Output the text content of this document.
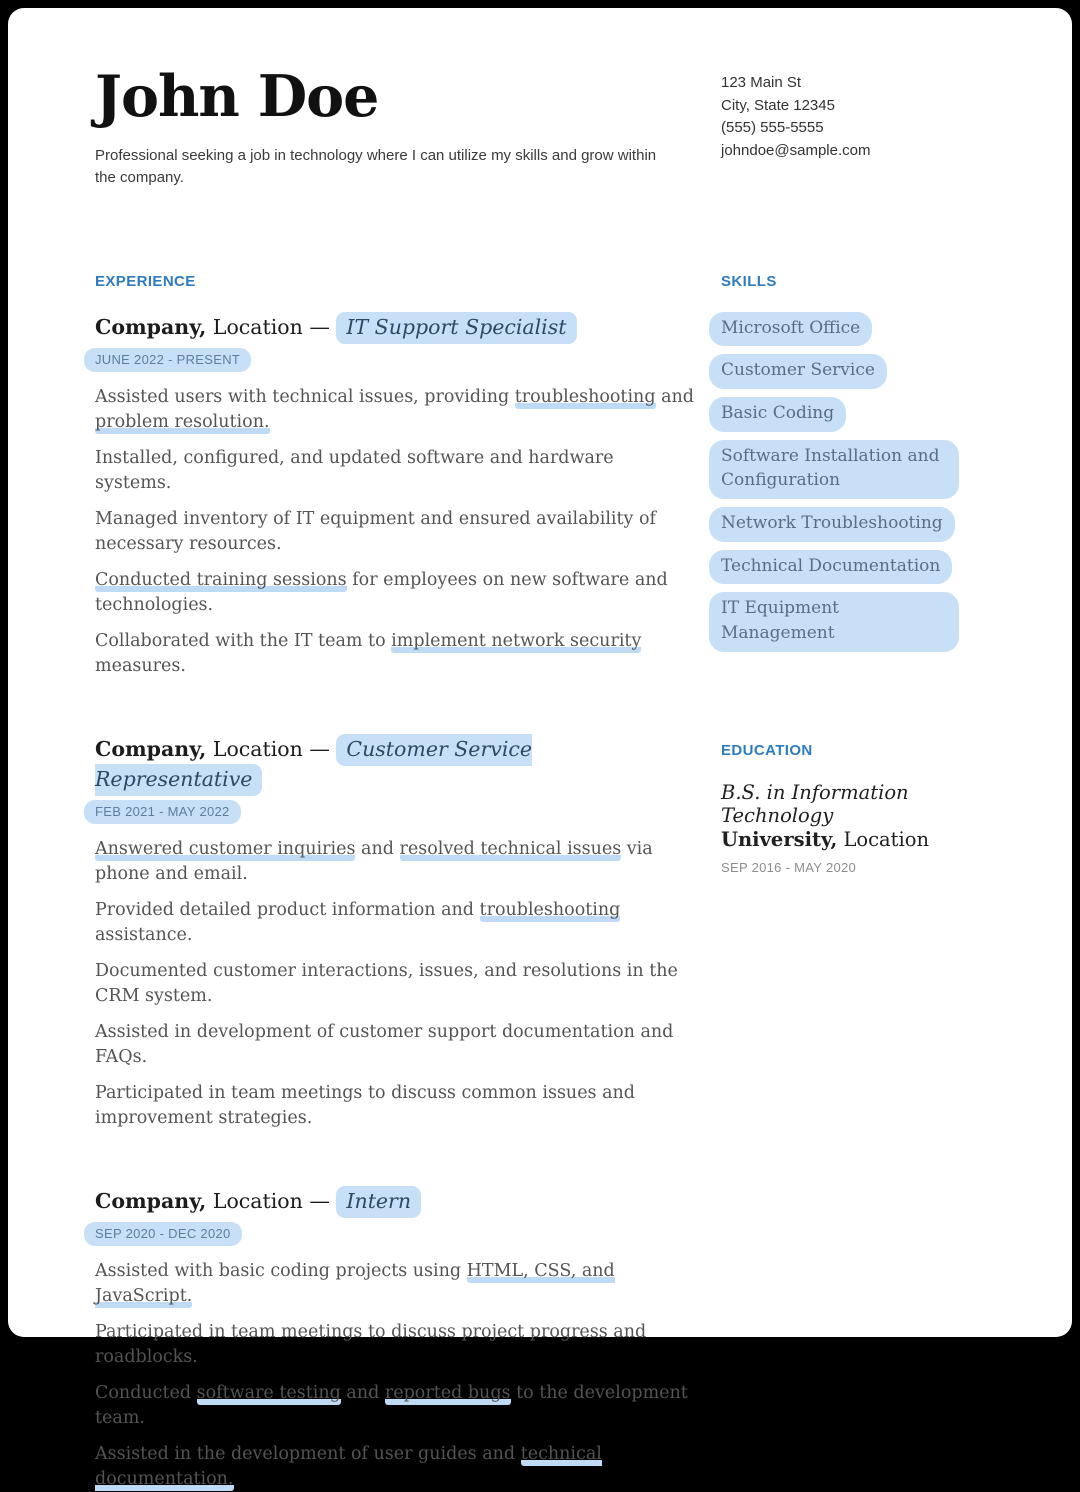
John Doe

Professional seeking a job in technology where I can utilize my skills and grow within the company.

123 Main St
City, State 12345
(555) 555-5555
johndoe@sample.com
EXPERIENCE
Company, Location — IT Support Specialist
JUNE 2022 - PRESENT

Assisted users with technical issues, providing troubleshooting and problem resolution.

Installed, configured, and updated software and hardware systems.

Managed inventory of IT equipment and ensured availability of necessary resources.

Conducted training sessions for employees on new software and technologies.

Collaborated with the IT team to implement network security measures.

Company, Location — Customer Service Representative
FEB 2021 - MAY 2022

Answered customer inquiries and resolved technical issues via phone and email.

Provided detailed product information and troubleshooting assistance.

Documented customer interactions, issues, and resolutions in the CRM system.

Assisted in development of customer support documentation and FAQs.

Participated in team meetings to discuss common issues and improvement strategies.

Company, Location — Intern
SEP 2020 - DEC 2020

Assisted with basic coding projects using HTML, CSS, and JavaScript.

Participated in team meetings to discuss project progress and roadblocks.

Conducted software testing and reported bugs to the development team.

Assisted in the development of user guides and technical documentation.

SKILLS
Microsoft Office
Customer Service
Basic Coding
Software Installation and Configuration
Network Troubleshooting
Technical Documentation
IT Equipment Management
EDUCATION
B.S. in Information Technology
University, Location
SEP 2016 - MAY 2020
